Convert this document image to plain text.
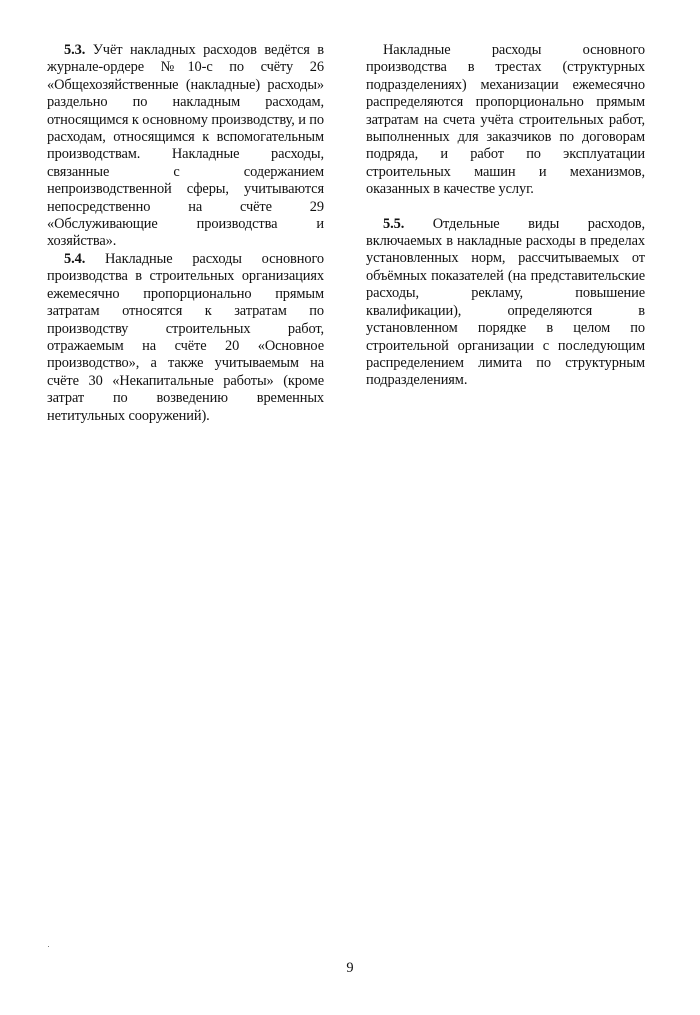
5.3. Учёт накладных расходов ведётся в журнале-ордере №10-с по счёту 26 «Общехозяйственные (накладные) расходы» раздельно по накладным расходам, относящимся к основному производству, и по расходам, относящимся к вспомогательным производствам. Накладные расходы, связанные с содержанием непроизводственной сферы, учитываются непосредственно на счёте 29 «Обслуживающие производства и хозяйства».

5.4. Накладные расходы основного производства в строительных организациях ежемесячно пропорционально прямым затратам относятся к затратам по производству строительных работ, отражаемым на счёте 20 «Основное производство», а также учитываемым на счёте 30 «Некапитальные работы» (кроме затрат по возведению временных нетитульных сооружений).

Накладные расходы основного производства в трестах (структурных подразделениях) механизации ежемесячно распределяются пропорционально прямым затратам на счета учёта строительных работ, выполненных для заказчиков по договорам подряда, и работ по эксплуатации строительных машин и механизмов, оказанных в качестве услуг.

5.5. Отдельные виды расходов, включаемых в накладные расходы в пределах установленных норм, рассчитываемых от объёмных показателей (на представительские расходы, рекламу, повышение квалификации), определяются в установленном порядке в целом по строительной организации с последующим распределением лимита по структурным подразделениям.

9
